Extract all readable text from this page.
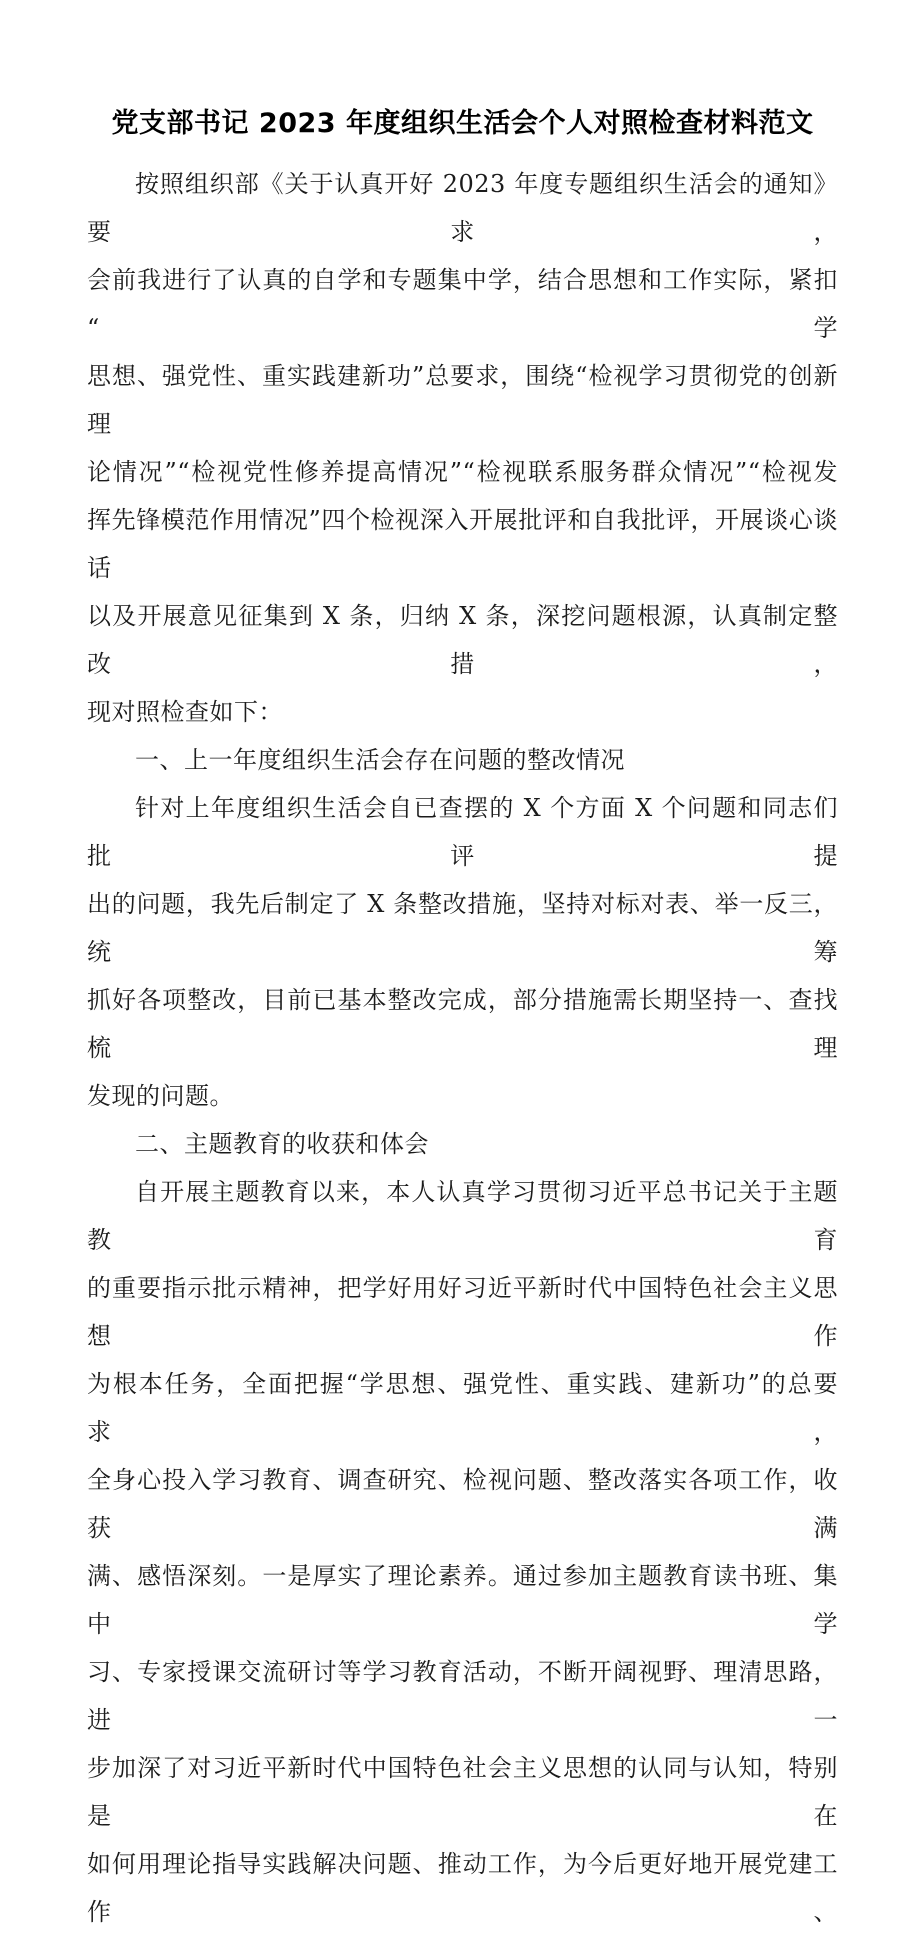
党支部书记 2023 年度组织生活会个人对照检查材料范文
按照组织部《关于认真开好 2023 年度专题组织生活会的通知》要求，
会前我进行了认真的自学和专题集中学，结合思想和工作实际，紧扣“学
思想、强党性、重实践建新功”总要求，围绕“检视学习贯彻党的创新理
论情况”“检视党性修养提高情况”“检视联系服务群众情况”“检视发
挥先锋模范作用情况”四个检视深入开展批评和自我批评，开展谈心谈话
以及开展意见征集到 X 条，归纳 X 条，深挖问题根源，认真制定整改措，
现对照检查如下：
一、上一年度组织生活会存在问题的整改情况
针对上年度组织生活会自已查摆的 X 个方面 X 个问题和同志们批评提
出的问题，我先后制定了 X 条整改措施，坚持对标对表、举一反三，统筹
抓好各项整改，目前已基本整改完成，部分措施需长期坚持一、查找梳理
发现的问题。
二、主题教育的收获和体会
自开展主题教育以来，本人认真学习贯彻习近平总书记关于主题教育
的重要指示批示精神，把学好用好习近平新时代中国特色社会主义思想作
为根本任务，全面把握“学思想、强党性、重实践、建新功”的总要求，
全身心投入学习教育、调查研究、检视问题、整改落实各项工作，收获满
满、感悟深刻。一是厚实了理论素养。通过参加主题教育读书班、集中学
习、专家授课交流研讨等学习教育活动，不断开阔视野、理清思路，进一
步加深了对习近平新时代中国特色社会主义思想的认同与认知，特别是在
如何用理论指导实践解决问题、推动工作，为今后更好地开展党建工作、
